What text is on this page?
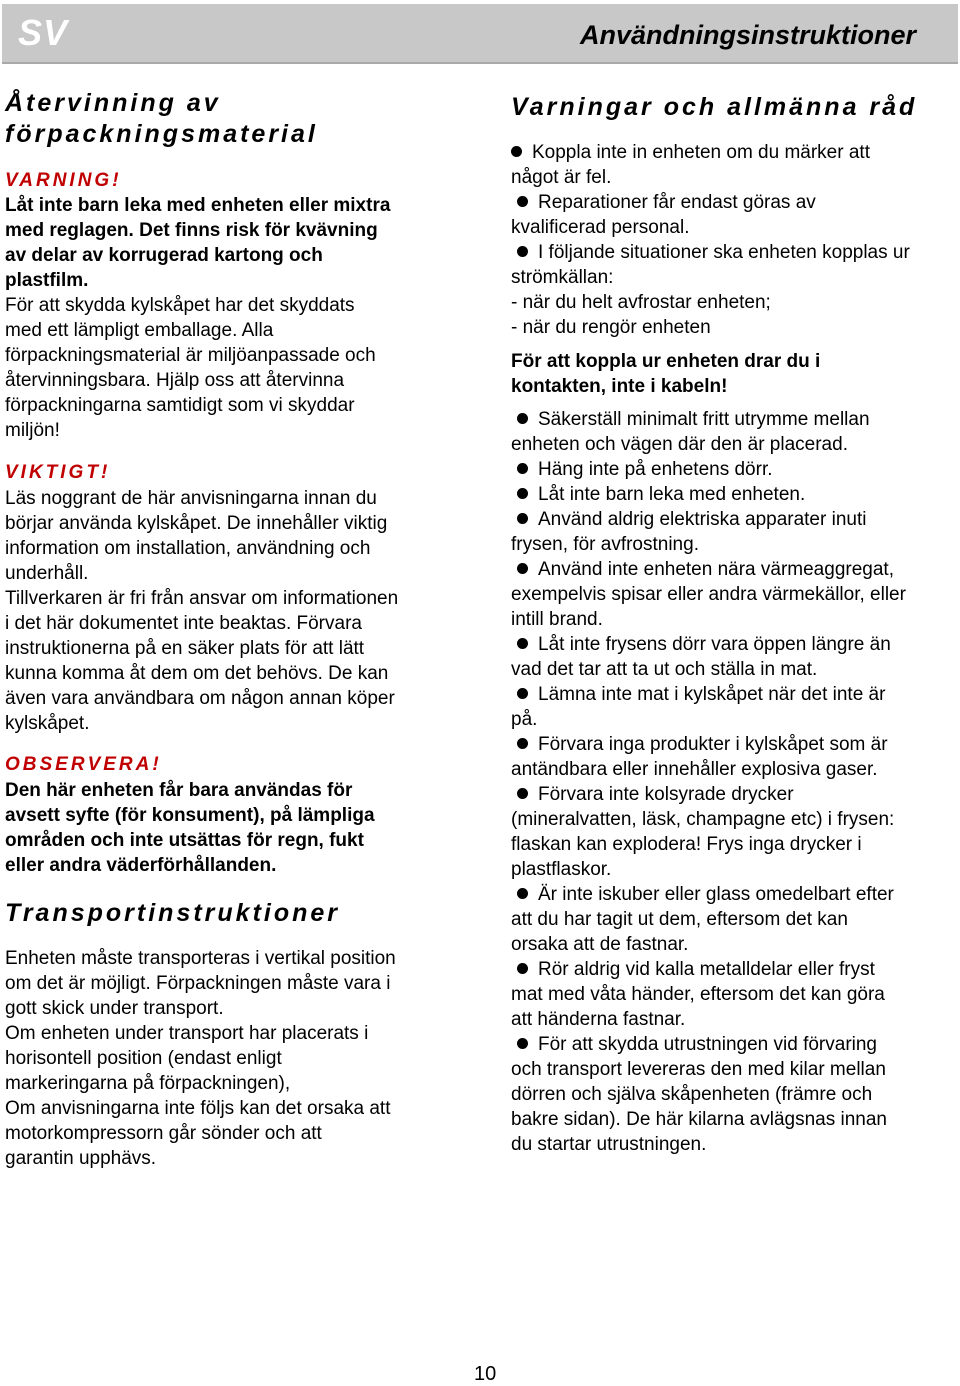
SV	Användningsinstruktioner
Återvinning av
förpackningsmaterial
VARNING!
Låt inte barn leka med enheten eller mixtra
med reglagen. Det finns risk för kvävning
av delar av korrugerad kartong och
plastfilm.
För att skydda kylskåpet har det skyddats
med ett lämpligt emballage. Alla
förpackningsmaterial är miljöanpassade och
återvinningsbara. Hjälp oss att återvinna
förpackningarna samtidigt som vi skyddar
miljön!
VIKTIGT!
Läs noggrant de här anvisningarna innan du
börjar använda kylskåpet. De innehåller viktig
information om installation, användning och
underhåll.
Tillverkaren är fri från ansvar om informationen
i det här dokumentet inte beaktas. Förvara
instruktionerna på en säker plats för att lätt
kunna komma åt dem om det behövs. De kan
även vara användbara om någon annan köper
kylskåpet.
OBSERVERA!
Den här enheten får bara användas för
avsett syfte (för konsument), på lämpliga
områden och inte utsättas för regn, fukt
eller andra väderförhållanden.
Transportinstruktioner
Enheten måste transporteras i vertikal position
om det är möjligt. Förpackningen måste vara i
gott skick under transport.
Om enheten under transport har placerats i
horisontell position (endast enligt
markeringarna på förpackningen),
Om anvisningarna inte följs kan det orsaka att
motorkompressorn går sönder och att
garantin upphävs.
Varningar och allmänna råd
Koppla inte in enheten om du märker att
något är fel.
Reparationer får endast göras av
kvalificerad personal.
I följande situationer ska enheten kopplas ur
strömkällan:
- när du helt avfrostar enheten;
- när du rengör enheten
För att koppla ur enheten drar du i
kontakten, inte i kabeln!
Säkerställ minimalt fritt utrymme mellan
enheten och vägen där den är placerad.
Häng inte på enhetens dörr.
Låt inte barn leka med enheten.
Använd aldrig elektriska apparater inuti
frysen, för avfrostning.
Använd inte enheten nära värmeaggregat,
exempelvis spisar eller andra värmekällor, eller
intill brand.
Låt inte frysens dörr vara öppen längre än
vad det tar att ta ut och ställa in mat.
Lämna inte mat i kylskåpet när det inte är
på.
Förvara inga produkter i kylskåpet som är
antändbara eller innehåller explosiva gaser.
Förvara inte kolsyrade drycker
(mineralvatten, läsk, champagne etc) i frysen:
flaskan kan explodera! Frys inga drycker i
plastflaskor.
Är inte iskuber eller glass omedelbart efter
att du har tagit ut dem, eftersom det kan
orsaka att de fastnar.
Rör aldrig vid kalla metalldelar eller fryst
mat med våta händer, eftersom det kan göra
att händerna fastnar.
För att skydda utrustningen vid förvaring
och transport levereras den med kilar mellan
dörren och själva skåpenheten (främre och
bakre sidan). De här kilarna avlägsnas innan
du startar utrustningen.
10
